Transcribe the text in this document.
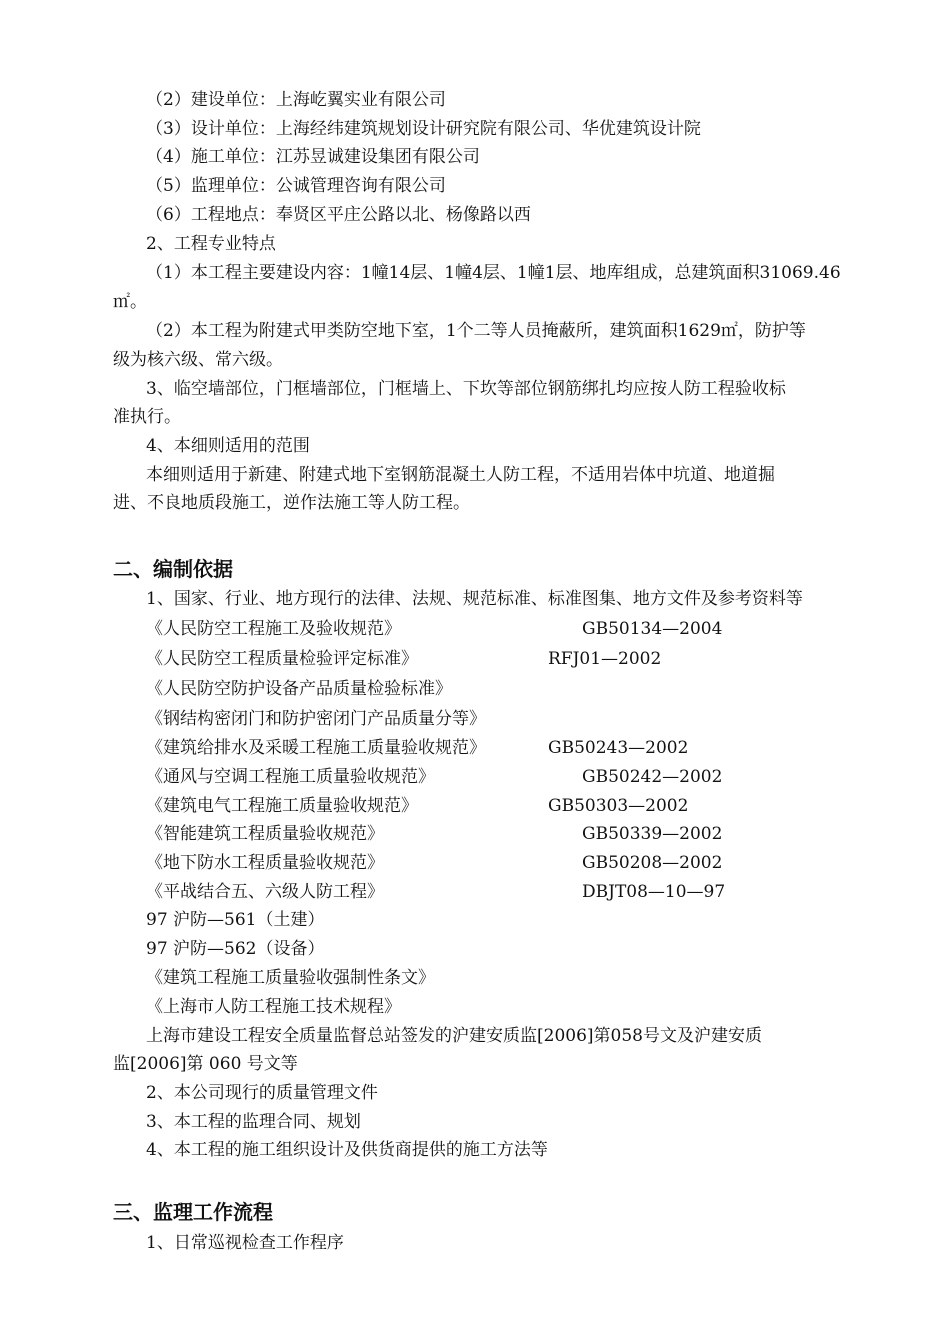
（2）建设单位：上海屹翼实业有限公司
（3）设计单位：上海经纬建筑规划设计研究院有限公司、华优建筑设计院
（4）施工单位：江苏昱诚建设集团有限公司
（5）监理单位：公诚管理咨询有限公司
（6）工程地点：奉贤区平庄公路以北、杨像路以西
2、工程专业特点
（1）本工程主要建设内容：1幢14层、1幢4层、1幢1层、地库组成，总建筑面积31069.46
㎡。
（2）本工程为附建式甲类防空地下室，1个二等人员掩蔽所，建筑面积1629㎡，防护等
级为核六级、常六级。
3、临空墙部位，门框墙部位，门框墙上、下坎等部位钢筋绑扎均应按人防工程验收标
准执行。
4、本细则适用的范围
本细则适用于新建、附建式地下室钢筋混凝土人防工程，不适用岩体中坑道、地道掘
进、不良地质段施工，逆作法施工等人防工程。
二、编制依据
1、国家、行业、地方现行的法律、法规、规范标准、标准图集、地方文件及参考资料等
《人民防空工程施工及验收规范》	GB50134—2004
《人民防空工程质量检验评定标准》	RFJ01—2002
《人民防空防护设备产品质量检验标准》
《钢结构密闭门和防护密闭门产品质量分等》
《建筑给排水及采暖工程施工质量验收规范》	GB50243—2002
《通风与空调工程施工质量验收规范》	GB50242—2002
《建筑电气工程施工质量验收规范》	GB50303—2002
《智能建筑工程质量验收规范》	GB50339—2002
《地下防水工程质量验收规范》	GB50208—2002
《平战结合五、六级人防工程》	DBJT08—10—97
97 沪防—561（土建）
97 沪防—562（设备）
《建筑工程施工质量验收强制性条文》
《上海市人防工程施工技术规程》
上海市建设工程安全质量监督总站签发的沪建安质监[2006]第058号文及沪建安质
监[2006]第 060 号文等
2、本公司现行的质量管理文件
3、本工程的监理合同、规划
4、本工程的施工组织设计及供货商提供的施工方法等
三、监理工作流程
1、日常巡视检查工作程序
